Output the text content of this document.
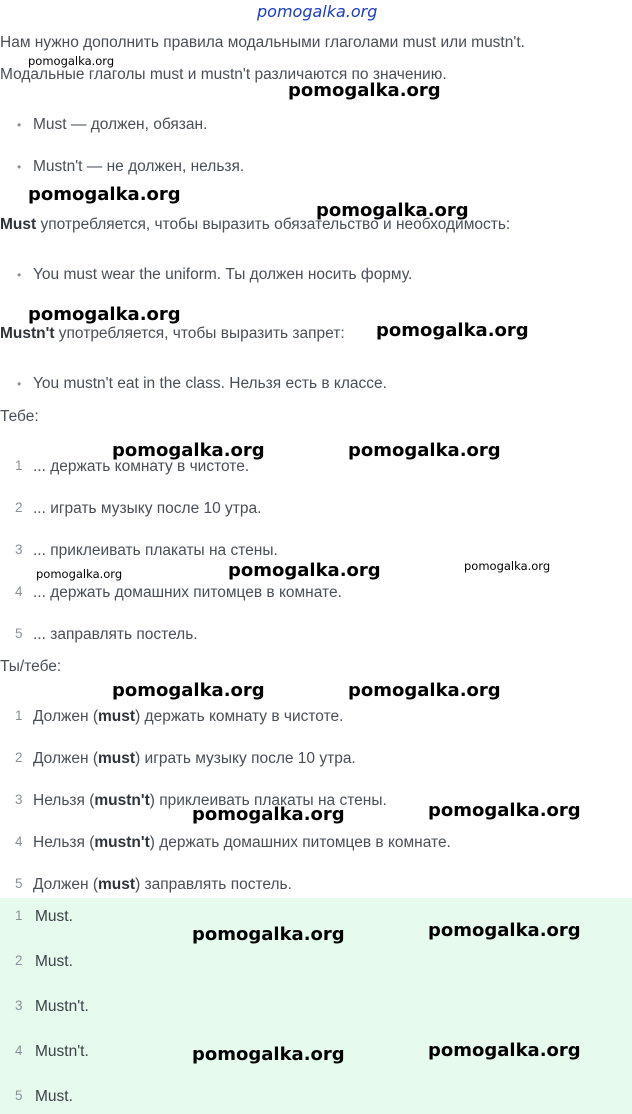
pomogalka.org
Нам нужно дополнить правила модальными глаголами must или mustn't.
Модальные глаголы must и mustn't различаются по значению.
• Must — должен, обязан.
• Mustn't — не должен, нельзя.
Must употребляется, чтобы выразить обязательство и необходимость:
• You must wear the uniform. Ты должен носить форму.
Mustn't употребляется, чтобы выразить запрет:
• You mustn't eat in the class. Нельзя есть в классе.
Тебе:
1 ... держать комнату в чистоте.
2 ... играть музыку после 10 утра.
3 ... приклеивать плакаты на стены.
4 ... держать домашних питомцев в комнате.
5 ... заправлять постель.
Ты/тебе:
1 Должен (must) держать комнату в чистоте.
2 Должен (must) играть музыку после 10 утра.
3 Нельзя (mustn't) приклеивать плакаты на стены.
4 Нельзя (mustn't) держать домашних питомцев в комнате.
5 Должен (must) заправлять постель.
1 Must.
2 Must.
3 Mustn't.
4 Mustn't.
5 Must.
pomogalka.org
pomogalka.org
pomogalka.org
pomogalka.org
pomogalka.org
pomogalka.org
pomogalka.org	pomogalka.org
pomogalka.org	pomogalka.org	pomogalka.org
pomogalka.org	pomogalka.org
pomogalka.org	pomogalka.org
pomogalka.org	pomogalka.org
pomogalka.org	pomogalka.org
